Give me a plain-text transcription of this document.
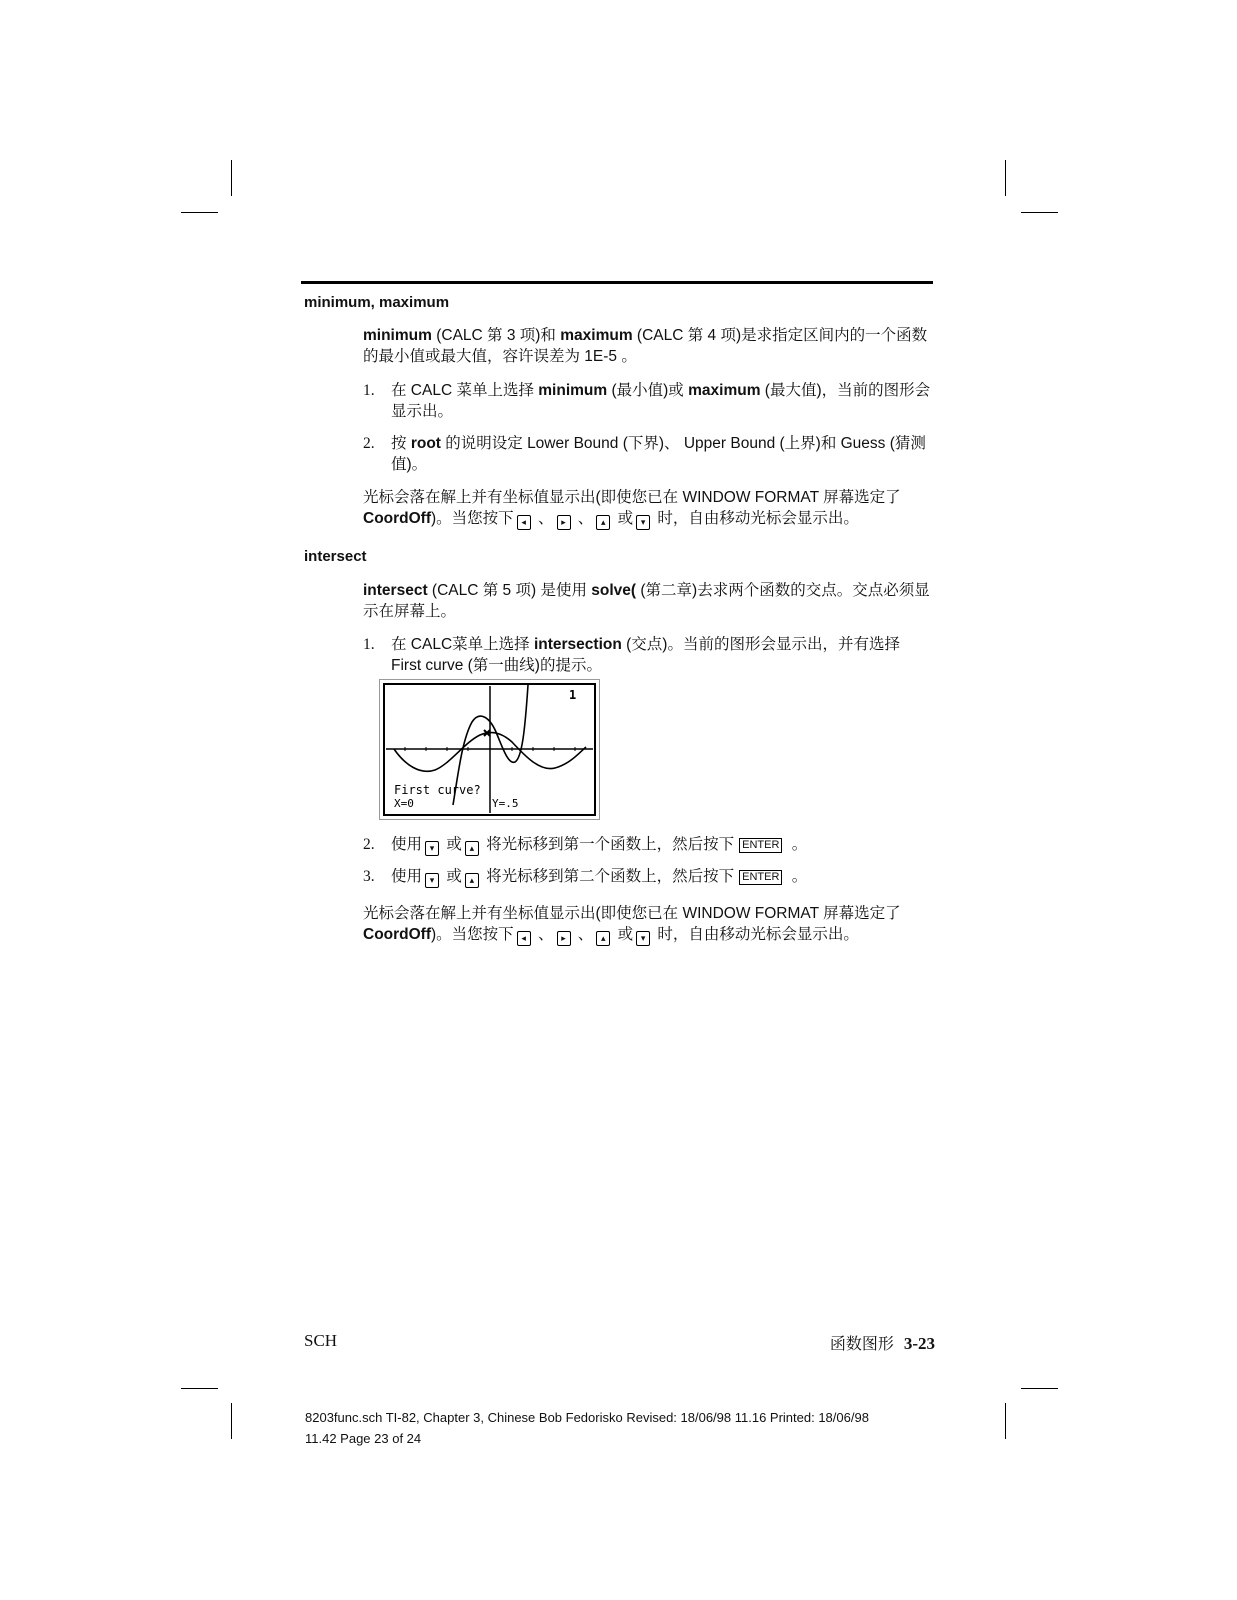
minimum, maximum
minimum (CALC 第 3 项)和 maximum (CALC 第 4 项)是求指定区间内的一个函数的最小值或最大值，容许误差为 1E-5 。
1. 在 CALC 菜单上选择 minimum (最小值)或 maximum (最大值)，当前的图形会显示出。
2. 按 root 的说明设定 Lower Bound (下界)、 Upper Bound (上界)和 Guess (猜测值)。
光标会落在解上并有坐标值显示出(即使您已在 WINDOW FORMAT 屏幕选定了CoordOff)。当您按下 ◂ 、 ▸ 、 ▴ 或 ▾ 时，自由移动光标会显示出。
intersect
intersect (CALC 第 5 项) 是使用 solve( (第二章)去求两个函数的交点。交点必须显示在屏幕上。
1. 在 CALC菜单上选择 intersection (交点)。当前的图形会显示出，并有选择 First curve (第一曲线)的提示。
1
First curve?
X=0	Y=.5
2. 使用 ▾ 或 ▴ 将光标移到第一个函数上，然后按下 ENTER 。
3. 使用 ▾ 或 ▴ 将光标移到第二个函数上，然后按下 ENTER 。
光标会落在解上并有坐标值显示出(即使您已在 WINDOW FORMAT 屏幕选定了CoordOff)。当您按下 ◂ 、 ▸ 、 ▴ 或 ▾ 时，自由移动光标会显示出。
SCH	函数图形 3-23
8203func.sch TI-82, Chapter 3, Chinese Bob Fedorisko Revised: 18/06/98 11.16 Printed: 18/06/98
11.42 Page 23 of 24
